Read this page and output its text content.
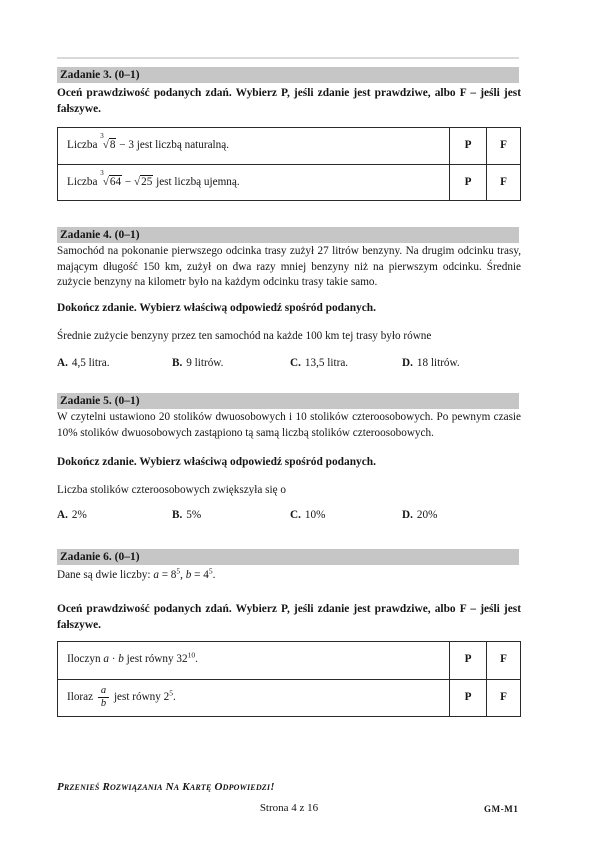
Zadanie 3. (0–1)
Oceń prawdziwość podanych zdań. Wybierz P, jeśli zdanie jest prawdziwe, albo F – jeśli jest fałszywe.
Liczba $^3$√8 − 3 jest liczbą naturalną.	P	F
Liczba $^3$√64 − √25 jest liczbą ujemną.	P	F
Zadanie 4. (0–1)
Samochód na pokonanie pierwszego odcinka trasy zużył 27 litrów benzyny. Na drugim odcinku trasy, mającym długość 150 km, zużył on dwa razy mniej benzyny niż na pierwszym odcinku. Średnie zużycie benzyny na kilometr było na każdym odcinku trasy takie samo.
Dokończ zdanie. Wybierz właściwą odpowiedź spośród podanych.
Średnie zużycie benzyny przez ten samochód na każde 100 km tej trasy było równe
A. 4,5 litra.	B. 9 litrów.	C. 13,5 litra.	D. 18 litrów.
Zadanie 5. (0–1)
W czytelni ustawiono 20 stolików dwuosobowych i 10 stolików czteroosobowych. Po pewnym czasie 10% stolików dwuosobowych zastąpiono tą samą liczbą stolików czteroosobowych.
Dokończ zdanie. Wybierz właściwą odpowiedź spośród podanych.
Liczba stolików czteroosobowych zwiększyła się o
A. 2%	B. 5%	C. 10%	D. 20%
Zadanie 6. (0–1)
Dane są dwie liczby: $a = 8^5$, $b = 4^5$.
Oceń prawdziwość podanych zdań. Wybierz P, jeśli zdanie jest prawdziwe, albo F – jeśli jest fałszywe.
Iloczyn a · b jest równy $32^{10}$.	P	F
Iloraz $\frac{a}{b}$ jest równy $2^5$.	P	F
Przenieś Rozwiązania Na Kartę Odpowiedzi!
Strona 4 z 16	GM-M1
